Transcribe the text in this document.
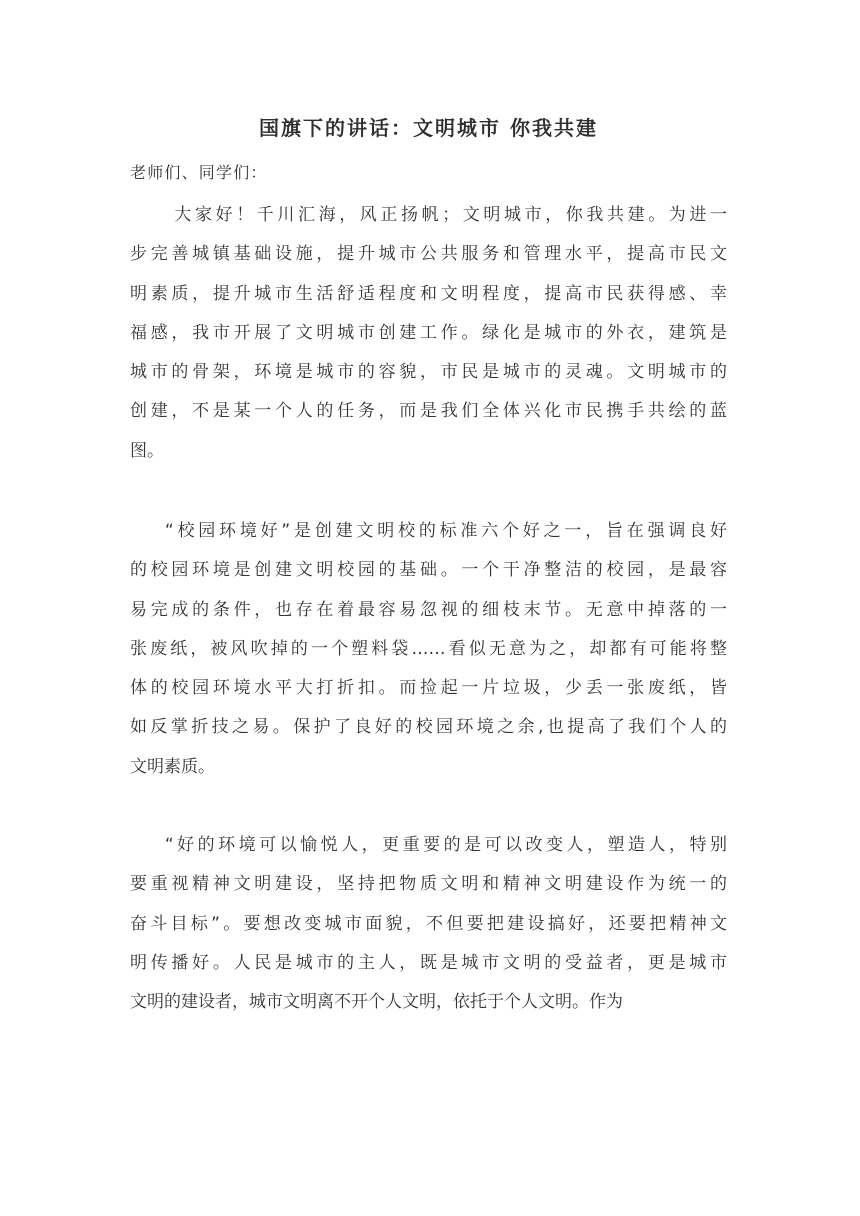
国旗下的讲话：文明城市 你我共建
老师们、同学们：
　大家好！千川汇海，风正扬帆；文明城市，你我共建。为进一
步完善城镇基础设施，提升城市公共服务和管理水平，提高市民文
明素质，提升城市生活舒适程度和文明程度，提高市民获得感、幸
福感，我市开展了文明城市创建工作。绿化是城市的外衣，建筑是
城市的骨架，环境是城市的容貌，市民是城市的灵魂。文明城市的
创建，不是某一个人的任务，而是我们全体兴化市民携手共绘的蓝
图。
“校园环境好”是创建文明校的标准六个好之一，旨在强调良好
的校园环境是创建文明校园的基础。一个干净整洁的校园，是最容
易完成的条件，也存在着最容易忽视的细枝末节。无意中掉落的一
张废纸，被风吹掉的一个塑料袋……看似无意为之，却都有可能将整
体的校园环境水平大打折扣。而捡起一片垃圾，少丢一张废纸，皆
如反掌折技之易。保护了良好的校园环境之余,也提高了我们个人的
文明素质。
“好的环境可以愉悦人，更重要的是可以改变人，塑造人，特别
要重视精神文明建设，坚持把物质文明和精神文明建设作为统一的
奋斗目标”。要想改变城市面貌，不但要把建设搞好，还要把精神文
明传播好。人民是城市的主人，既是城市文明的受益者，更是城市
文明的建设者，城市文明离不开个人文明，依托于个人文明。作为
